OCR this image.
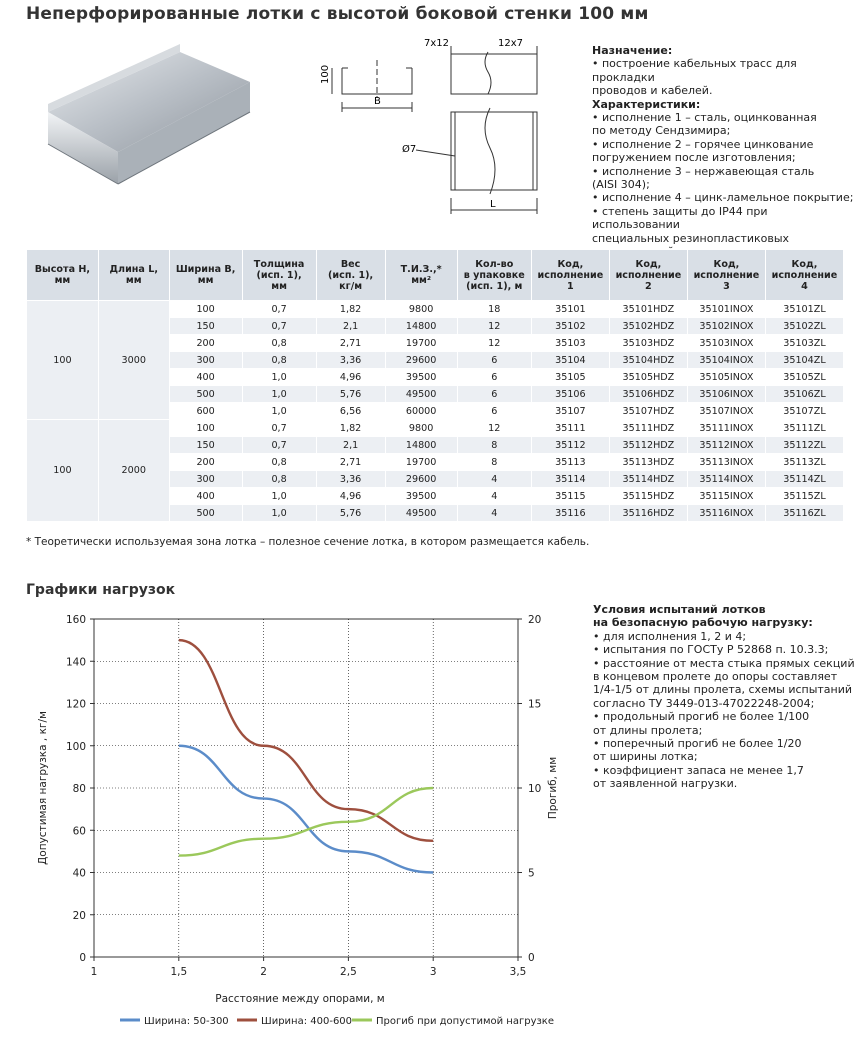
Неперфорированные лотки с высотой боковой стенки 100 мм
7x12	12x7
100
B
Ø7
L
Назначение:
• построение кабельных трасс для прокладки
проводов и кабелей.
Характеристики:
• исполнение 1 – сталь, оцинкованная
по методу Сендзимира;
• исполнение 2 – горячее цинкование
погружением после изготовления;
• исполнение 3 – нержавеющая сталь
(AISI 304);
• исполнение 4 – цинк-ламельное покрытие;
• степень защиты до IP44 при использовании
специальных резинопластиковых
Высота H,
мм	Длина L,
мм	Ширина B,
мм	Толщина
(исп. 1),
мм	Вес
(исп. 1),
кг/м	Т.И.З.,*
мм²	Кол-во
в упаковке
(исп. 1), м	Код,
исполнение
1	Код,
исполнение
2	Код,
исполнение
3	Код,
исполнение
4
100	3000	100	0,7	1,82	9800	18	35101	35101HDZ	35101INOX	35101ZL
		150	0,7	2,1	14800	12	35102	35102HDZ	35102INOX	35102ZL
		200	0,8	2,71	19700	12	35103	35103HDZ	35103INOX	35103ZL
		300	0,8	3,36	29600	6	35104	35104HDZ	35104INOX	35104ZL
		400	1,0	4,96	39500	6	35105	35105HDZ	35105INOX	35105ZL
		500	1,0	5,76	49500	6	35106	35106HDZ	35106INOX	35106ZL
		600	1,0	6,56	60000	6	35107	35107HDZ	35107INOX	35107ZL
100	2000	100	0,7	1,82	9800	12	35111	35111HDZ	35111INOX	35111ZL
		150	0,7	2,1	14800	8	35112	35112HDZ	35112INOX	35112ZL
		200	0,8	2,71	19700	8	35113	35113HDZ	35113INOX	35113ZL
		300	0,8	3,36	29600	4	35114	35114HDZ	35114INOX	35114ZL
		400	1,0	4,96	39500	4	35115	35115HDZ	35115INOX	35115ZL
		500	1,0	5,76	49500	4	35116	35116HDZ	35116INOX	35116ZL
* Теоретически используемая зона лотка – полезное сечение лотка, в котором размещается кабель.
Графики нагрузок
1	1,5	2	2,5	3	3,5
0
20
40
60
80
100
120
140
160
0
5
10
15
20
Расстояние между опорами, м
Допустимая нагрузка , кг/м	Прогиб, мм
Ширина: 50-300	Ширина: 400-600 Прогиб при допустимой нагрузке
Условия испытаний лотков
на безопасную рабочую нагрузку:
• для исполнения 1, 2 и 4;
• испытания по ГОСТу Р 52868 п. 10.3.3;
• расстояние от места стыка прямых секций
в концевом пролете до опоры составляет
1/4-1/5 от длины пролета, схемы испытаний
согласно ТУ 3449-013-47022248-2004;
• продольный прогиб не более 1/100
от длины пролета;
• поперечный прогиб не более 1/20
от ширины лотка;
• коэффициент запаса не менее 1,7
от заявленной нагрузки.
